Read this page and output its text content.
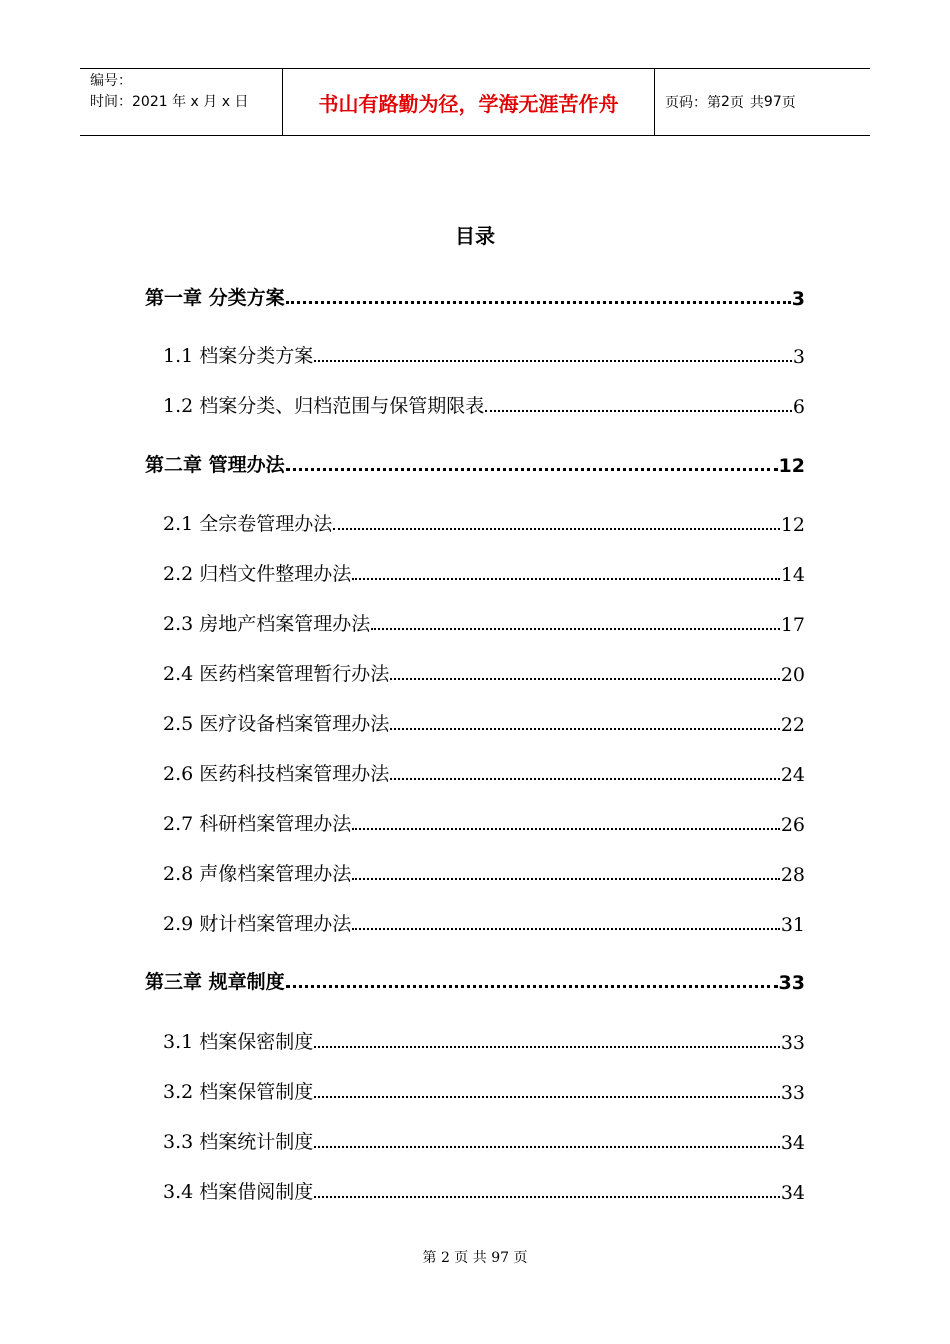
编号：
时间：2021 年 x 月 x 日	书山有路勤为径，学海无涯苦作舟	页码：第 2 页 共 97 页
目录
第一章 分类方案	3
1.1 档案分类方案	3
1.2 档案分类、归档范围与保管期限表	6
第二章 管理办法	12
2.1 全宗卷管理办法	12
2.2 归档文件整理办法	14
2.3 房地产档案管理办法	17
2.4 医药档案管理暂行办法	20
2.5 医疗设备档案管理办法	22
2.6 医药科技档案管理办法	24
2.7 科研档案管理办法	26
2.8 声像档案管理办法	28
2.9 财计档案管理办法	31
第三章 规章制度	33
3.1 档案保密制度	33
3.2 档案保管制度	33
3.3 档案统计制度	34
3.4 档案借阅制度	34
第 2 页 共 97 页
